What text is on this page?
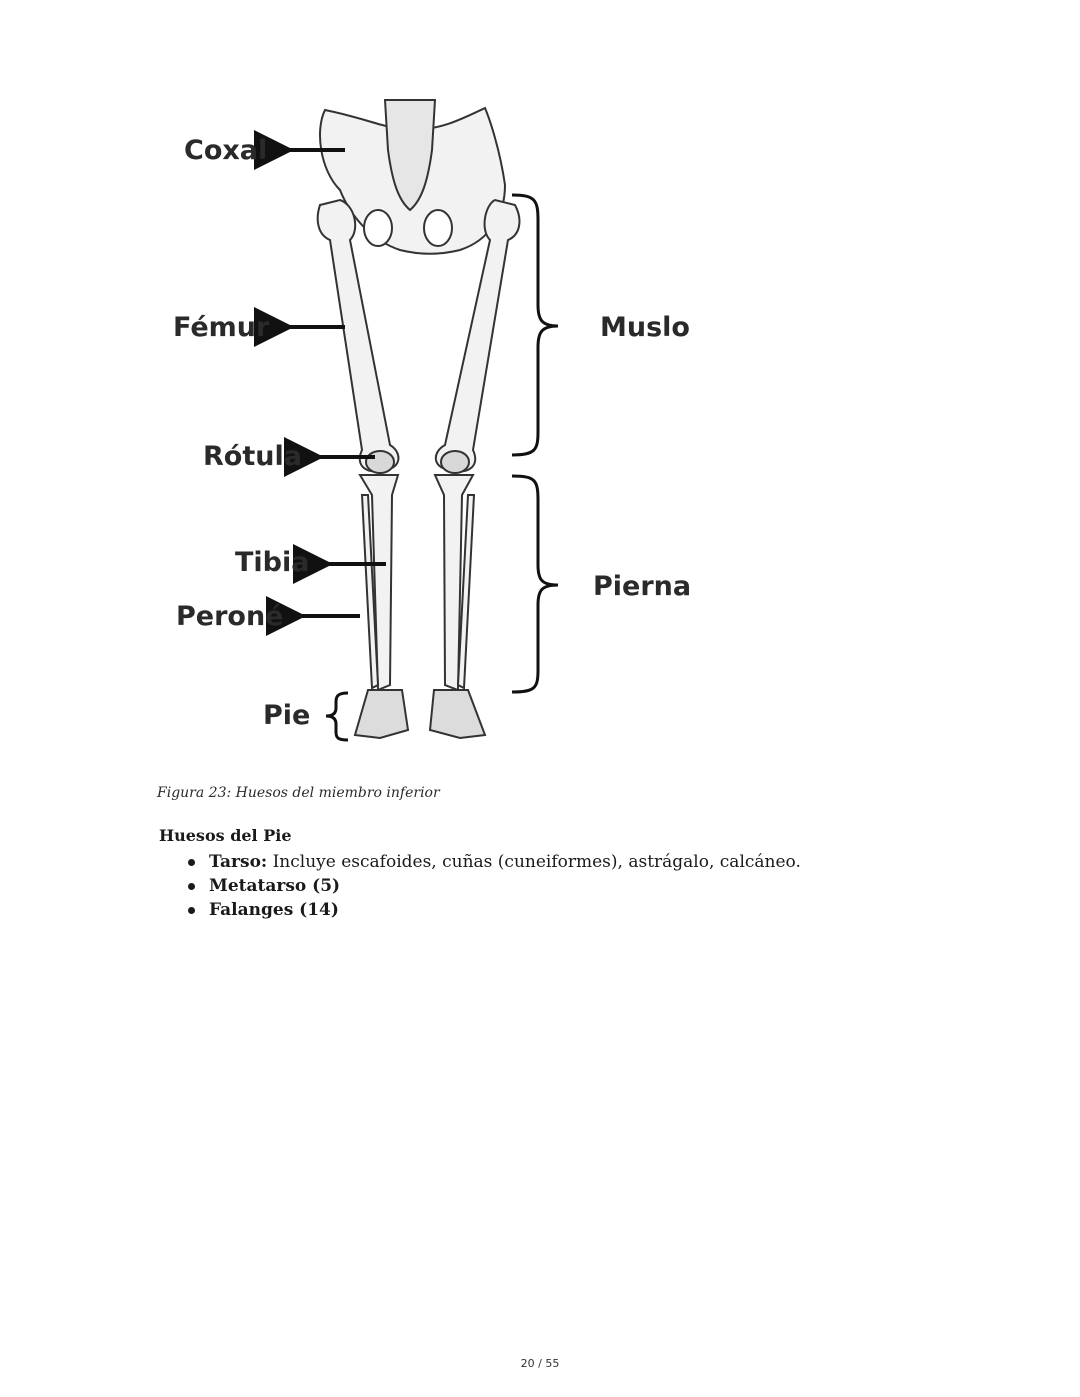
Coxal
Fémur
Rótula
Tibia
Peroné
Pie
Muslo
Pierna
Figura 23: Huesos del miembro inferior
Huesos del Pie
Tarso: Incluye escafoides, cuñas (cuneiformes), astrágalo, calcáneo.
Metatarso (5)
Falanges (14)
20 / 55
